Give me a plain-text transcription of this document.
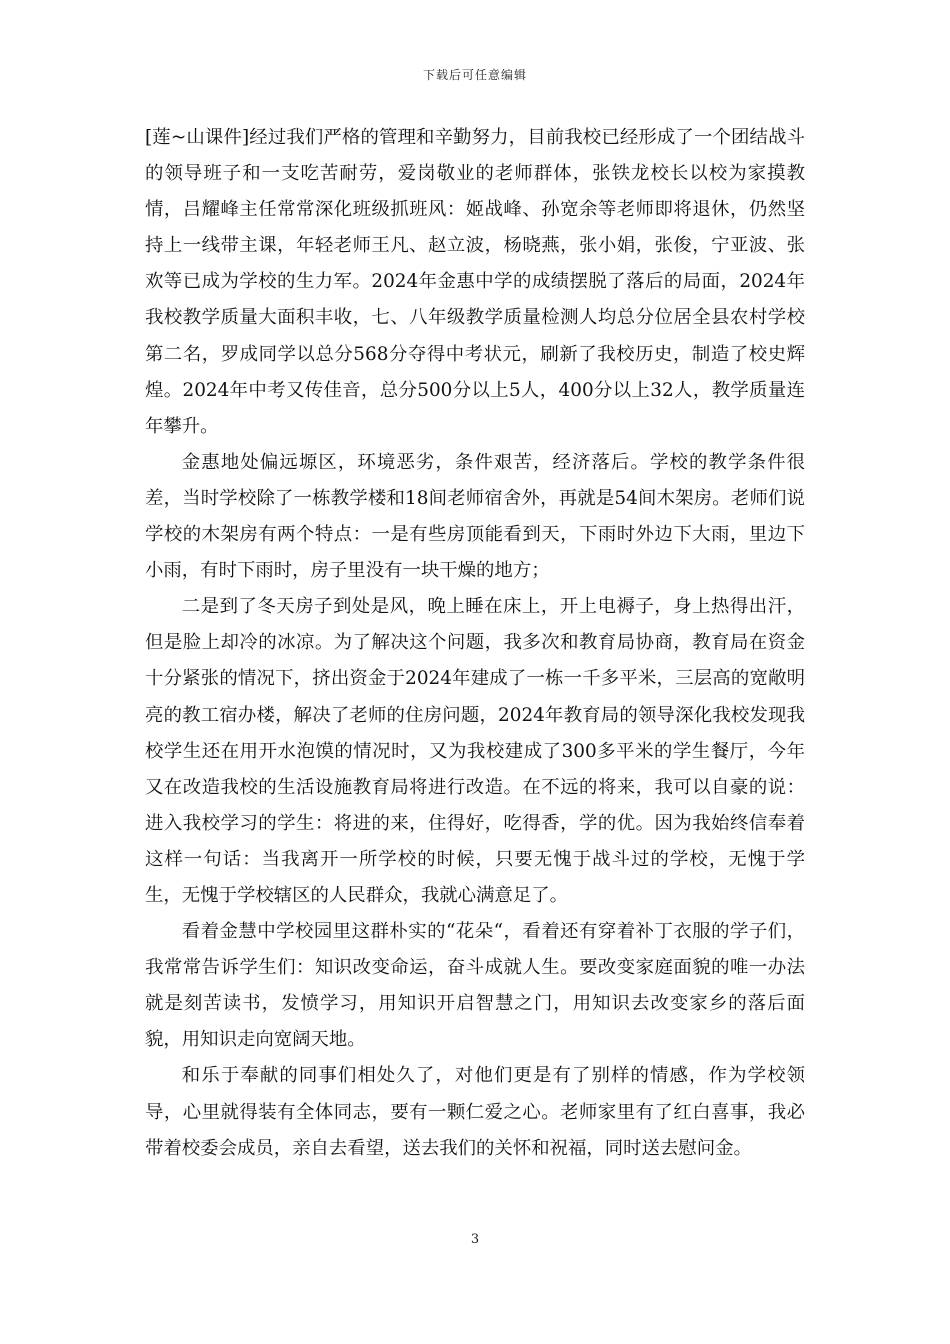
下载后可任意编辑

[莲~山课件]经过我们严格的管理和辛勤努力，目前我校已经形成了一个团结战斗的领导班子和一支吃苦耐劳，爱岗敬业的老师群体，张铁龙校长以校为家摸教情，吕耀峰主任常常深化班级抓班风：姬战峰、孙宽余等老师即将退休，仍然坚持上一线带主课，年轻老师王凡、赵立波，杨晓燕，张小娟，张俊，宁亚波、张欢等已成为学校的生力军。2024年金惠中学的成绩摆脱了落后的局面，2024年我校教学质量大面积丰收，七、八年级教学质量检测人均总分位居全县农村学校第二名，罗成同学以总分568分夺得中考状元，刷新了我校历史，制造了校史辉煌。2024年中考又传佳音，总分500分以上5人，400分以上32人，教学质量连年攀升。

金惠地处偏远塬区，环境恶劣，条件艰苦，经济落后。学校的教学条件很差，当时学校除了一栋教学楼和18间老师宿舍外，再就是54间木架房。老师们说学校的木架房有两个特点：一是有些房顶能看到天，下雨时外边下大雨，里边下小雨，有时下雨时，房子里没有一块干燥的地方；

二是到了冬天房子到处是风，晚上睡在床上，开上电褥子，身上热得出汗，但是脸上却冷的冰凉。为了解决这个问题，我多次和教育局协商，教育局在资金十分紧张的情况下，挤出资金于2024年建成了一栋一千多平米，三层高的宽敞明亮的教工宿办楼，解决了老师的住房问题，2024年教育局的领导深化我校发现我校学生还在用开水泡馍的情况时，又为我校建成了300多平米的学生餐厅，今年又在改造我校的生活设施教育局将进行改造。在不远的将来，我可以自豪的说：进入我校学习的学生：将进的来，住得好，吃得香，学的优。因为我始终信奉着这样一句话：当我离开一所学校的时候，只要无愧于战斗过的学校，无愧于学生，无愧于学校辖区的人民群众，我就心满意足了。

看着金慧中学校园里这群朴实的“花朵“，看着还有穿着补丁衣服的学子们，我常常告诉学生们：知识改变命运，奋斗成就人生。要改变家庭面貌的唯一办法就是刻苦读书，发愤学习，用知识开启智慧之门，用知识去改变家乡的落后面貌，用知识走向宽阔天地。

和乐于奉献的同事们相处久了，对他们更是有了别样的情感，作为学校领导，心里就得装有全体同志，要有一颗仁爱之心。老师家里有了红白喜事，我必带着校委会成员，亲自去看望，送去我们的关怀和祝福，同时送去慰问金。

3
